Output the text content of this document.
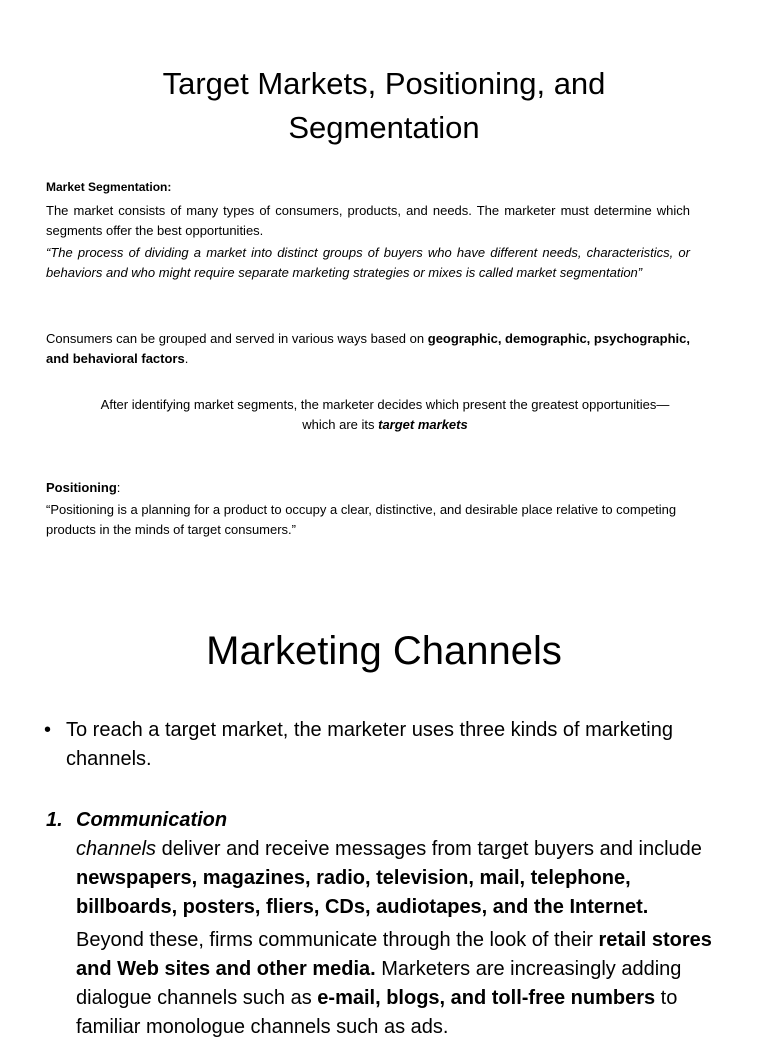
Target Markets, Positioning, and
Segmentation
Market Segmentation:
The market consists of many types of consumers, products, and needs. The marketer must determine which segments offer the best opportunities.
“The process of dividing a market into distinct groups of buyers who have different needs, characteristics, or behaviors and who might require separate marketing strategies or mixes is called market segmentation”
Consumers can be grouped and served in various ways based on geographic, demographic, psychographic, and behavioral factors.
After identifying market segments, the marketer decides which present the greatest opportunities—
which are its target markets
Positioning:
“Positioning is a planning for a product to occupy a clear, distinctive, and desirable place relative to competing products in the minds of target consumers.”
Marketing Channels
• To reach a target market, the marketer uses three kinds of marketing channels.
1. Communication
channels deliver and receive messages from target buyers and include newspapers, magazines, radio, television, mail, telephone, billboards, posters, fliers, CDs, audiotapes, and the Internet.
Beyond these, firms communicate through the look of their retail stores and Web sites and other media. Marketers are increasingly adding dialogue channels such as e-mail, blogs, and toll-free numbers to familiar monologue channels such as ads.
